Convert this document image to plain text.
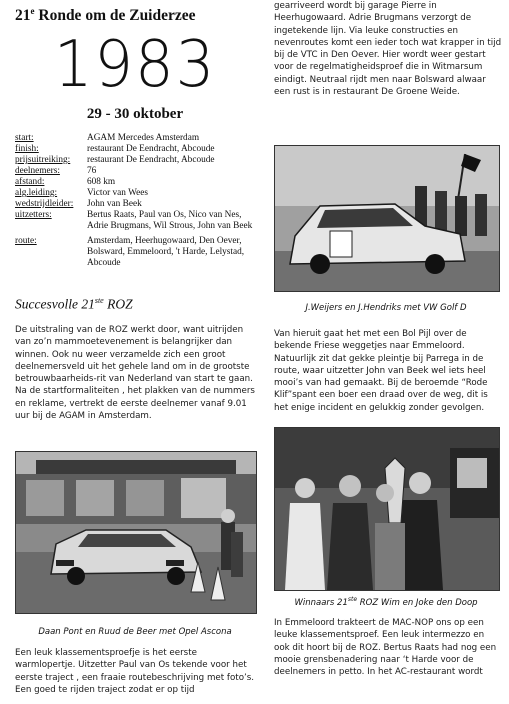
21e Ronde om de Zuiderzee
1983
29 - 30 oktober
start:	AGAM Mercedes Amsterdam
finish:	restaurant De Eendracht, Abcoude
prijsuitreiking:	restaurant De Eendracht, Abcoude
deelnemers:	76
afstand:	608 km
alg.leiding:	Victor van Wees
wedstrijdleider:	John van Beek
uitzetters:	Bertus Raats, Paul van Os, Nico van Nes, Adrie Brugmans, Wil Strous, John van Beek
route:	Amsterdam, Heerhugowaard, Den Oever, Bolsward, Emmeloord, 't Harde, Lelystad, Abcoude
Succesvolle 21ste ROZ
De uitstraling van de ROZ werkt door, want uitrijden van zo’n mammoetevenement is belangrijker dan winnen. Ook nu weer verzamelde zich een groot deelnemersveld uit het gehele land om in de grootste betrouwbaarheids-rit van Nederland van start te gaan. Na de startformaliteiten , het plakken van de nummers en reklame, vertrekt de eerste deelnemer vanaf 9.01 uur bij de AGAM in Amsterdam.
Daan Pont en Ruud de Beer met Opel Ascona
Een leuk klassementsproefje is het eerste warmlopertje. Uitzetter Paul van Os tekende voor het eerste traject , een fraaie routebeschrijving met foto’s. Een goed te rijden traject zodat er op tijd
gearriveerd wordt bij garage Pierre in Heerhugowaard. Adrie Brugmans verzorgt de ingetekende lijn. Via leuke constructies en nevenroutes komt een ieder toch wat krapper in tijd bij de VTC in Den Oever. Hier wordt weer gestart voor de regelmatigheidsproef die in Witmarsum eindigt. Neutraal rijdt men naar Bolsward alwaar een rust is in restaurant De Groene Weide.
J.Weijers en J.Hendriks met VW Golf D
Van hieruit gaat het met een Bol Pijl over de bekende Friese weggetjes naar Emmeloord. Natuurlijk zit dat gekke pleintje bij Parrega in de route, waar uitzetter John van Beek wel iets heel mooi’s van had gemaakt. Bij de beroemde “Rode Klif”spant een boer een draad over de weg, dit is het enige incident en gelukkig zonder gevolgen.
Winnaars 21ste ROZ Wim en Joke den Doop
In Emmeloord trakteert de MAC-NOP ons op een leuke klassementsproef. Een leuk intermezzo en ook dit hoort bij de ROZ. Bertus Raats had nog een mooie grensbenadering naar ‘t Harde voor de deelnemers in petto. In het AC-restaurant wordt
